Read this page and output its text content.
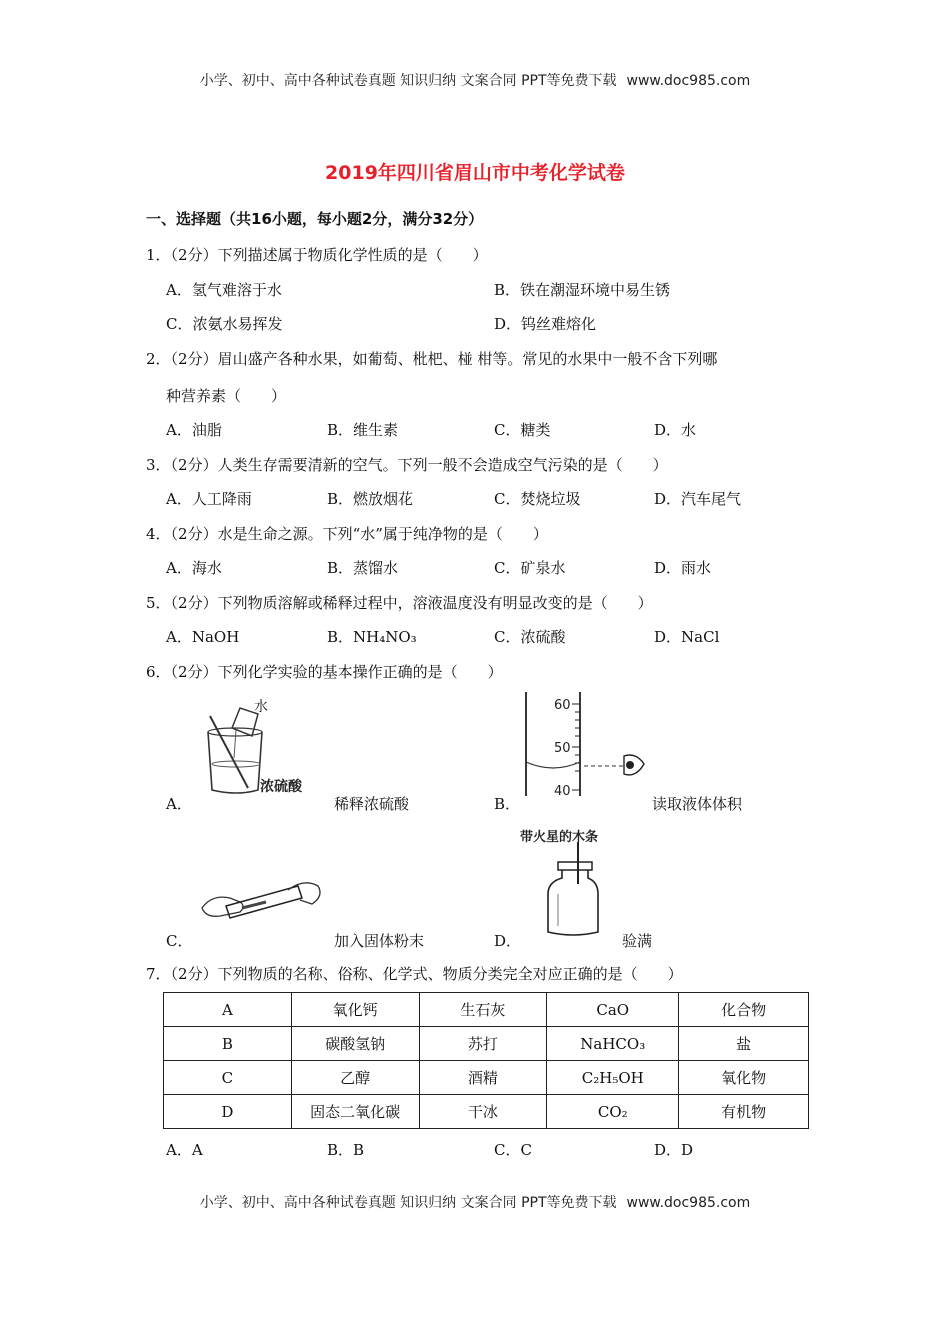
小学、初中、高中各种试卷真题 知识归纳 文案合同 PPT等免费下载 www.doc985.com
2019年四川省眉山市中考化学试卷
一、选择题（共16小题，每小题2分，满分32分）
1．（2分）下列描述属于物质化学性质的是（　　）
A．氢气难溶于水	B．铁在潮湿环境中易生锈
C．浓氨水易挥发	D．钨丝难熔化
2．（2分）眉山盛产各种水果，如葡萄、枇杷、椪 柑等。常见的水果中一般不含下列哪
种营养素（　　）
A．油脂	B．维生素	C．糖类	D．水
3．（2分）人类生存需要清新的空气。下列一般不会造成空气污染的是（　　）
A．人工降雨	B．燃放烟花	C．焚烧垃圾	D．汽车尾气
4．（2分）水是生命之源。下列“水”属于纯净物的是（　　）
A．海水	B．蒸馏水	C．矿泉水	D．雨水
5．（2分）下列物质溶解或稀释过程中，溶液温度没有明显改变的是（　　）
A．NaOH	B．NH₄NO₃	C．浓硫酸	D．NaCl
6．（2分）下列化学实验的基本操作正确的是（　　）
水
浓硫酸
A．	稀释浓硫酸
60
50
40
B．	读取液体体积
C．	加入固体粉末
带火星的木条
D．	验满
7．（2分）下列物质的名称、俗称、化学式、物质分类完全对应正确的是（　　）
A	氧化钙	生石灰	CaO	化合物
B	碳酸氢钠	苏打	NaHCO₃	盐
C	乙醇	酒精	C₂H₅OH	氧化物
D	固态二氧化碳	干冰	CO₂	有机物
A．A	B．B	C．C	D．D
小学、初中、高中各种试卷真题 知识归纳 文案合同 PPT等免费下载 www.doc985.com
